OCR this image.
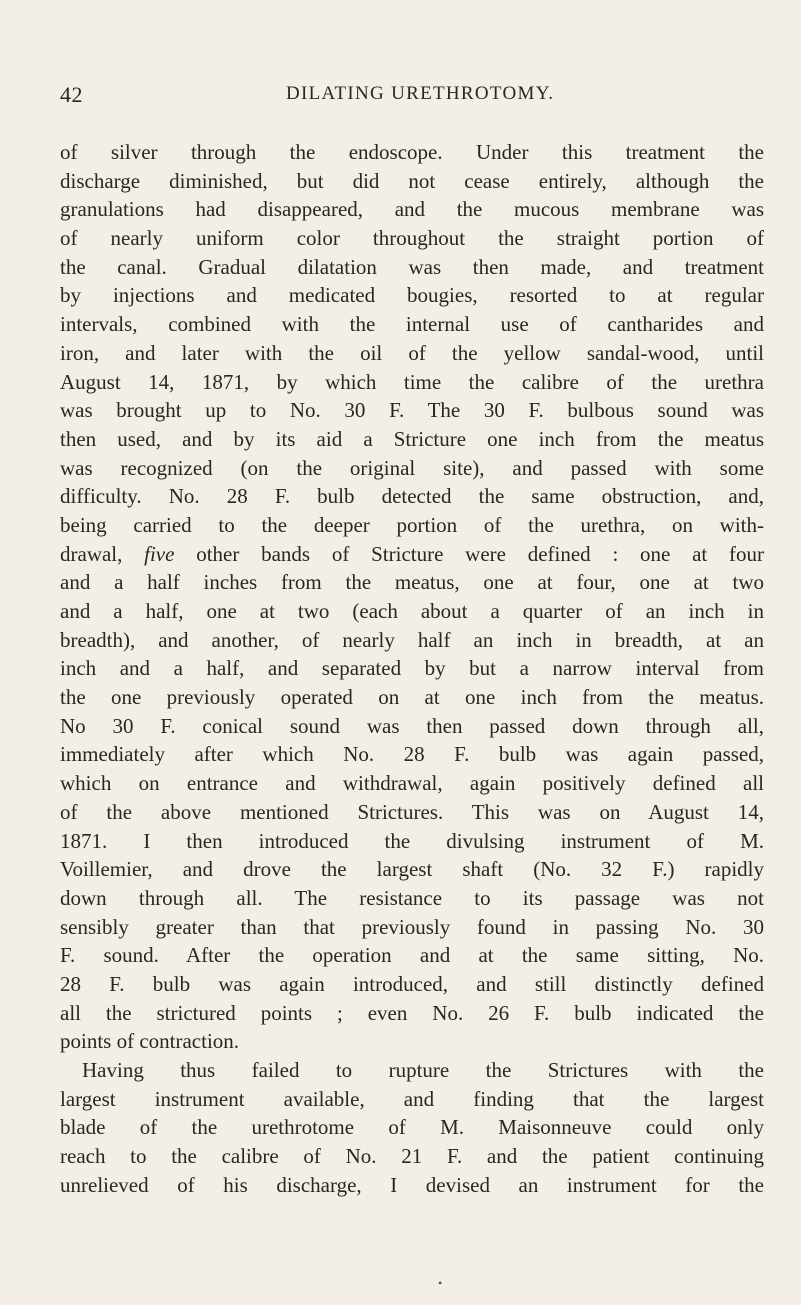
42	DILATING URETHROTOMY.
of silver through the endoscope. Under this treatment the
discharge diminished, but did not cease entirely, although the
granulations had disappeared, and the mucous membrane was
of nearly uniform color throughout the straight portion of
the canal. Gradual dilatation was then made, and treatment
by injections and medicated bougies, resorted to at regular
intervals, combined with the internal use of cantharides and
iron, and later with the oil of the yellow sandal-wood, until
August 14, 1871, by which time the calibre of the urethra
was brought up to No. 30 F. The 30 F. bulbous sound was
then used, and by its aid a Stricture one inch from the meatus
was recognized (on the original site), and passed with some
difficulty. No. 28 F. bulb detected the same obstruction, and,
being carried to the deeper portion of the urethra, on with-
drawal, five other bands of Stricture were defined : one at four
and a half inches from the meatus, one at four, one at two
and a half, one at two (each about a quarter of an inch in
breadth), and another, of nearly half an inch in breadth, at an
inch and a half, and separated by but a narrow interval from
the one previously operated on at one inch from the meatus.
No 30 F. conical sound was then passed down through all,
immediately after which No. 28 F. bulb was again passed,
which on entrance and withdrawal, again positively defined all
of the above mentioned Strictures. This was on August 14,
1871. I then introduced the divulsing instrument of M.
Voillemier, and drove the largest shaft (No. 32 F.) rapidly
down through all. The resistance to its passage was not
sensibly greater than that previously found in passing No. 30
F. sound. After the operation and at the same sitting, No.
28 F. bulb was again introduced, and still distinctly defined
all the strictured points ; even No. 26 F. bulb indicated the
points of contraction.
Having thus failed to rupture the Strictures with the
largest instrument available, and finding that the largest
blade of the urethrotome of M. Maisonneuve could only
reach to the calibre of No. 21 F. and the patient continuing
unrelieved of his discharge, I devised an instrument for the
•
